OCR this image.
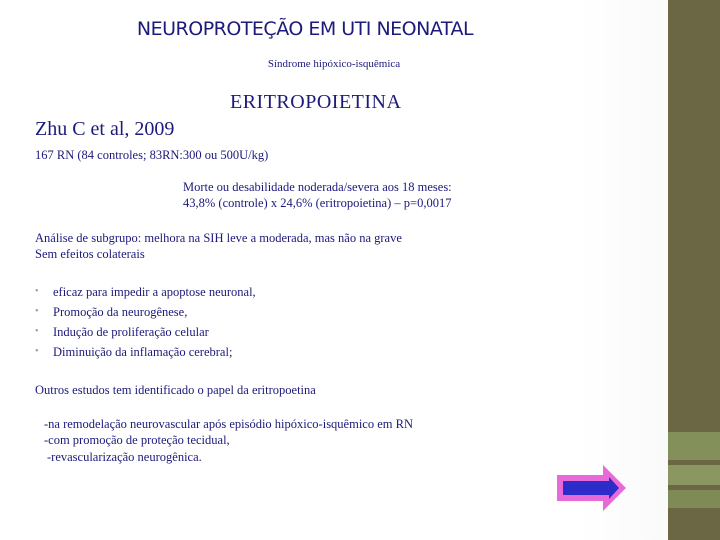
NEUROPROTEÇÃO EM UTI NEONATAL
Síndrome hipóxico-isquêmica
ERITROPOIETINA
Zhu C et al, 2009
167 RN (84 controles; 83RN:300 ou 500U/kg)
Morte ou desabilidade noderada/severa aos 18 meses:
43,8% (controle) x 24,6% (eritropoietina) – p=0,0017
Análise de subgrupo: melhora na SIH leve a moderada, mas não na grave
Sem efeitos colaterais
•	eficaz para impedir a apoptose neuronal,
•	Promoção da neurogênese,
•	Indução de proliferação celular
•	Diminuição da inflamação cerebral;
Outros estudos tem identificado o papel da eritropoetina
-na remodelação neurovascular após episódio hipóxico-isquêmico em RN
-com promoção de proteção tecidual,
-revascularização neurogênica.
